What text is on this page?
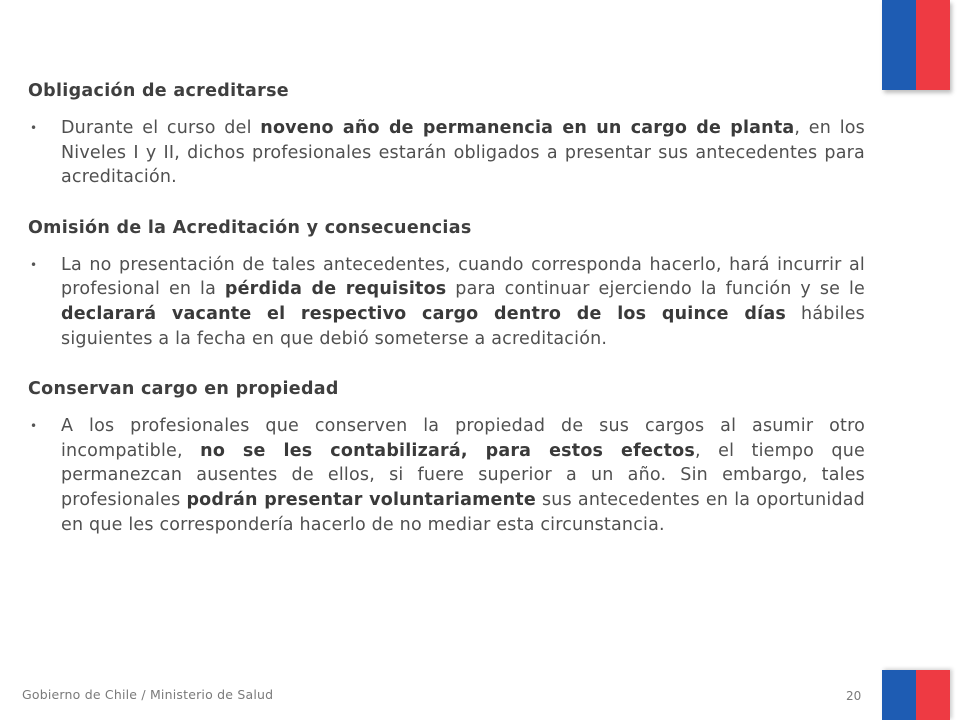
Obligación de acreditarse

• Durante el curso del noveno año de permanencia en un cargo de planta, en los Niveles I y II, dichos profesionales estarán obligados a presentar sus antecedentes para acreditación.

Omisión de la Acreditación y consecuencias

• La no presentación de tales antecedentes, cuando corresponda hacerlo, hará incurrir al profesional en la pérdida de requisitos para continuar ejerciendo la función y se le declarará vacante el respectivo cargo dentro de los quince días hábiles siguientes a la fecha en que debió someterse a acreditación.

Conservan cargo en propiedad

• A los profesionales que conserven la propiedad de sus cargos al asumir otro incompatible, no se les contabilizará, para estos efectos, el tiempo que permanezcan ausentes de ellos, si fuere superior a un año. Sin embargo, tales profesionales podrán presentar voluntariamente sus antecedentes en la oportunidad en que les correspondería hacerlo de no mediar esta circunstancia.

Gobierno de Chile / Ministerio de Salud	20
